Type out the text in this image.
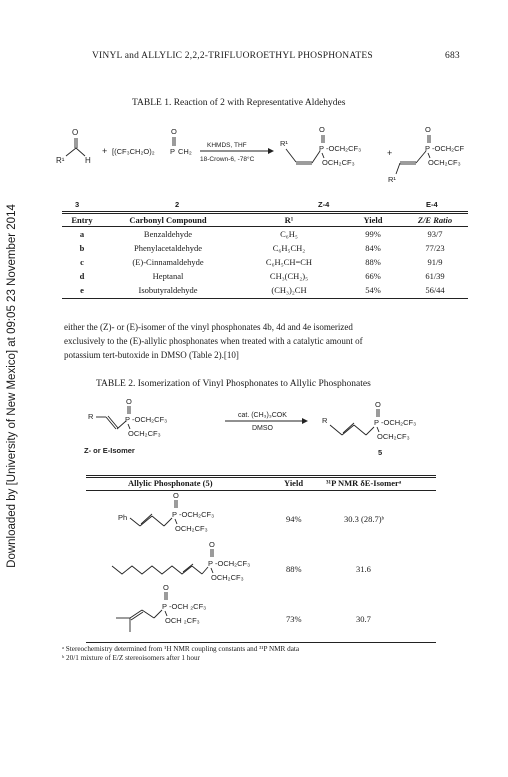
Downloaded by [University of New Mexico] at 09:05 23 November 2014
VINYL and ALLYLIC 2,2,2-TRIFLUOROETHYL PHOSPHONATES	683
TABLE 1. Reaction of 2 with Representative Aldehydes
O
R¹	H
+ [(CF₃CH₂O)₂
O
P CH₂
KHMDS, THF
18-Crown-6, -78°C
R¹
O
P -OCH₂CF₃
OCH₂CF₃
+
R¹
O
P -OCH₂CF
OCH₂CF₃
3	2	Z-4	E-4
Entry	Carbonyl Compound	R¹	Yield	Z/E Ratio
a	Benzaldehyde	C₆H₅	99%	93/7
b	Phenylacetaldehyde	C₆H₅CH₂	84%	77/23
c	(E)-Cinnamaldehyde	C₆H₅CH=CH	88%	91/9
d	Heptanal	CH₃(CH₂)₅	66%	61/39
e	Isobutyraldehyde	(CH₃)₂CH	54%	56/44
either the (Z)- or (E)-isomer of the vinyl phosphonates 4b, 4d and 4e isomerized
exclusively to the (E)-allylic phosphonates when treated with a catalytic amount of
potassium tert-butoxide in DMSO (Table 2).[10]
TABLE 2. Isomerization of Vinyl Phosphonates to Allylic Phosphonates
R
O
P -OCH₂CF₃
OCH₂CF₃
Z- or E-Isomer
cat. (CH₃)₃COK
DMSO
R
O
P -OCH₂CF₃
OCH₂CF₃
5
Allylic Phosphonate (5)	Yield	³¹P NMR δE-Isomerᵃ
Ph
O
P -OCH₂CF₃
OCH₂CF₃
O
P -OCH₂CF₃
OCH₂CF₃
O
P -OCH ₂CF₃
OCH ₂CF₃
94%	30.3 (28.7)ᵇ
88%	31.6
73%	30.7
ᵃ Stereochemistry determined from ¹H NMR coupling constants and ³¹P NMR data
ᵇ 20/1 mixture of E/Z stereoisomers after 1 hour
